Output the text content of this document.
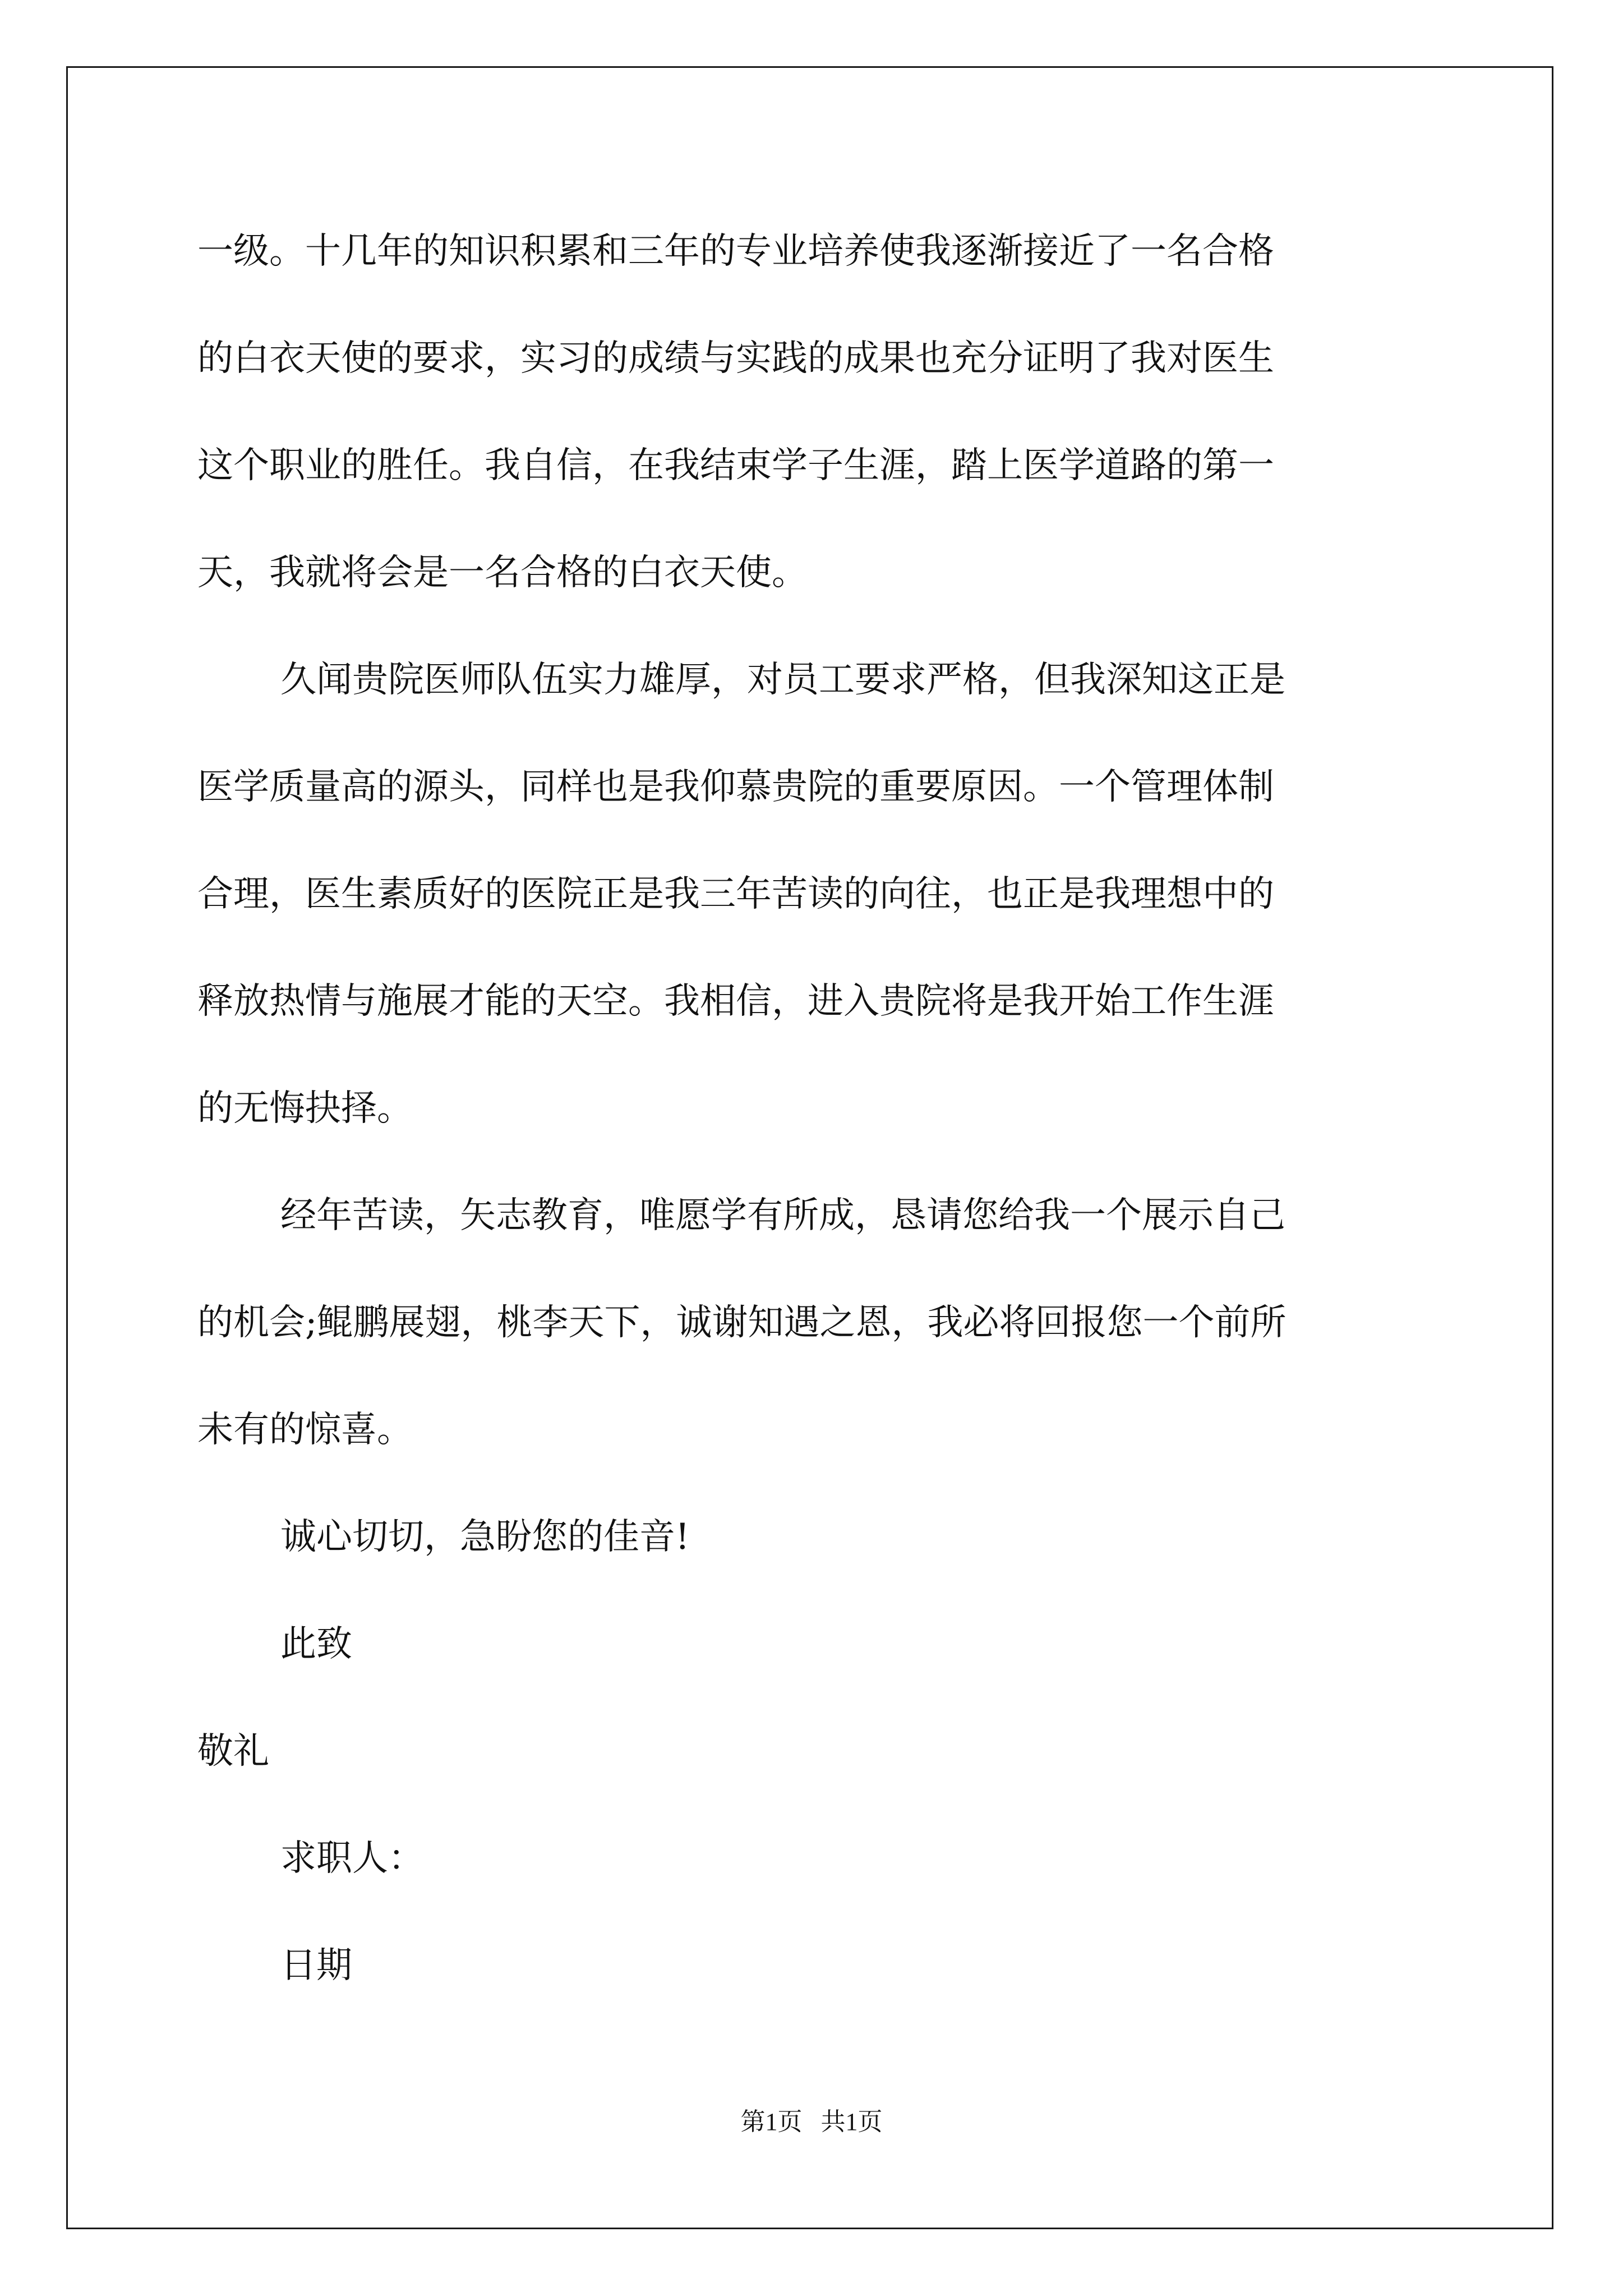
一级。十几年的知识积累和三年的专业培养使我逐渐接近了一名合格
的白衣天使的要求，实习的成绩与实践的成果也充分证明了我对医生
这个职业的胜任。我自信，在我结束学子生涯，踏上医学道路的第一
天，我就将会是一名合格的白衣天使。
久闻贵院医师队伍实力雄厚，对员工要求严格，但我深知这正是
医学质量高的源头，同样也是我仰慕贵院的重要原因。一个管理体制
合理，医生素质好的医院正是我三年苦读的向往，也正是我理想中的
释放热情与施展才能的天空。我相信，进入贵院将是我开始工作生涯
的无悔抉择。
经年苦读，矢志教育，唯愿学有所成，恳请您给我一个展示自己
的机会;鲲鹏展翅，桃李天下，诚谢知遇之恩，我必将回报您一个前所
未有的惊喜。
诚心切切，急盼您的佳音!
此致
敬礼
求职人：
日期
第1页   共1页
